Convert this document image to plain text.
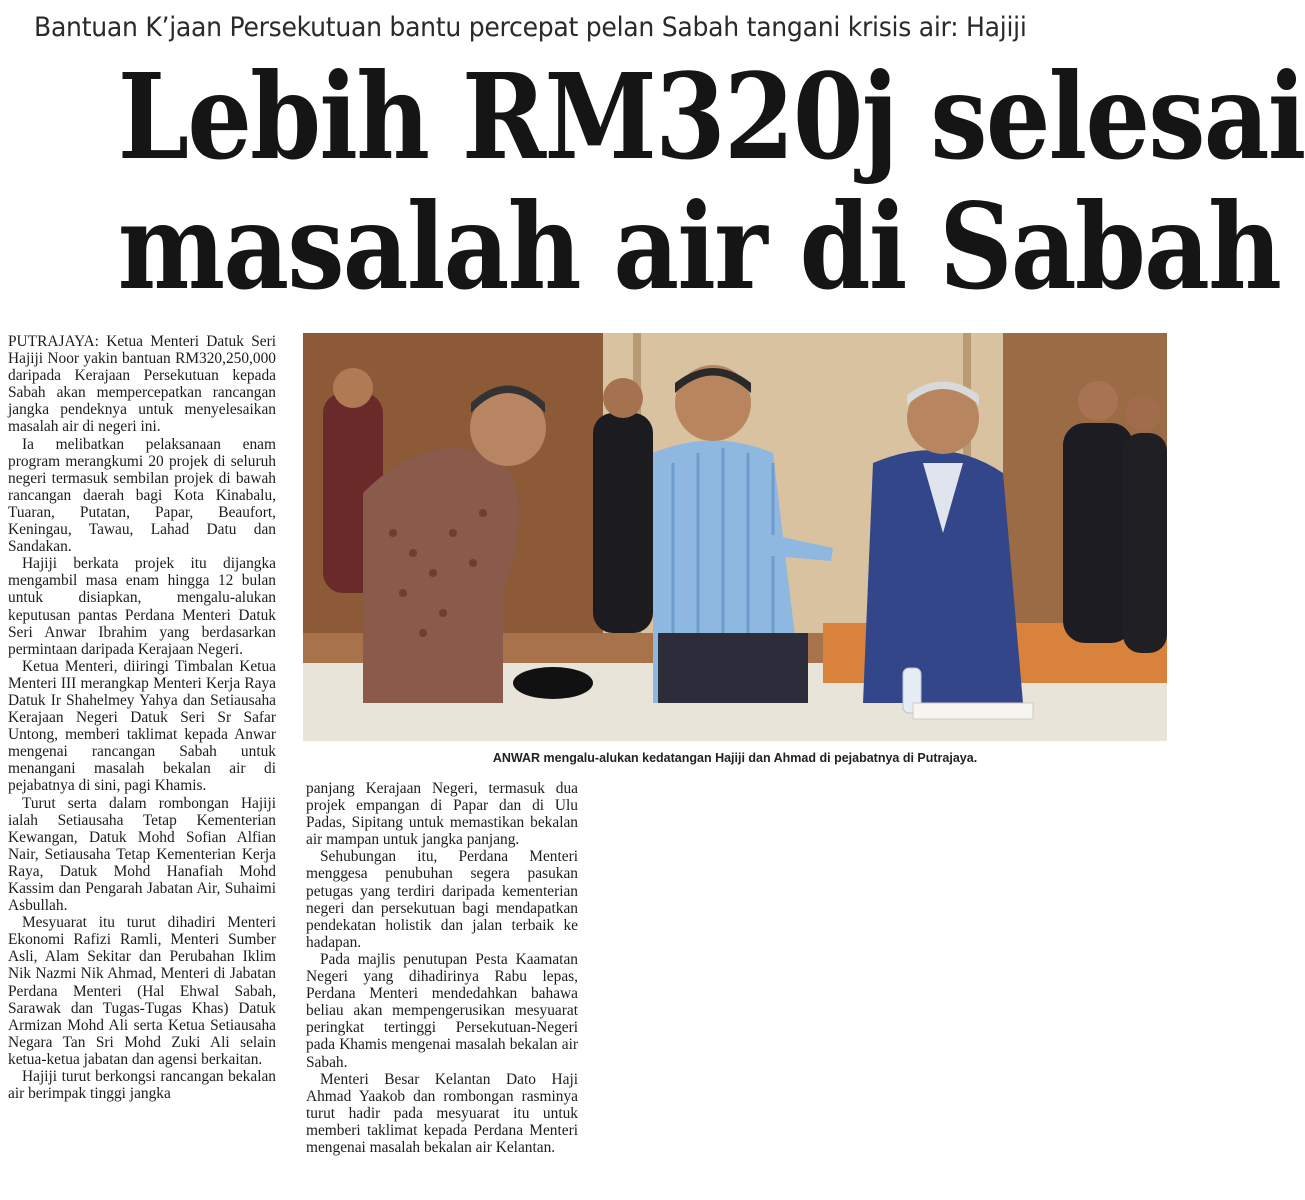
Bantuan K’jaan Persekutuan bantu percepat pelan Sabah tangani krisis air: Hajiji
Lebih RM320j selesai
masalah air di Sabah

PUTRAJAYA: Ketua Menteri Datuk Seri Hajiji Noor yakin bantuan RM320,250,000 daripada Kerajaan Persekutuan kepada Sabah akan mempercepatkan rancangan jangka pendeknya untuk menyelesaikan masalah air di negeri ini.

Ia melibatkan pelaksanaan enam program merangkumi 20 projek di seluruh negeri termasuk sembilan projek di bawah rancangan daerah bagi Kota Kinabalu, Tuaran, Putatan, Papar, Beaufort, Keningau, Tawau, Lahad Datu dan Sandakan.

Hajiji berkata projek itu dijangka mengambil masa enam hingga 12 bulan untuk disiapkan, mengalu-alukan keputusan pantas Perdana Menteri Datuk Seri Anwar Ibrahim yang berdasarkan permintaan daripada Kerajaan Negeri.

Ketua Menteri, diiringi Timbalan Ketua Menteri III merangkap Menteri Kerja Raya Datuk Ir Shahelmey Yahya dan Setiausaha Kerajaan Negeri Datuk Seri Sr Safar Untong, memberi taklimat kepada Anwar mengenai rancangan Sabah untuk menangani masalah bekalan air di pejabatnya di sini, pagi Khamis.

Turut serta dalam rombongan Hajiji ialah Setiausaha Tetap Kementerian Kewangan, Datuk Mohd Sofian Alfian Nair, Setiausaha Tetap Kementerian Kerja Raya, Datuk Mohd Hanafiah Mohd Kassim dan Pengarah Jabatan Air, Suhaimi Asbullah.

Mesyuarat itu turut dihadiri Menteri Ekonomi Rafizi Ramli, Menteri Sumber Asli, Alam Sekitar dan Perubahan Iklim Nik Nazmi Nik Ahmad, Menteri di Jabatan Perdana Menteri (Hal Ehwal Sabah, Sarawak dan Tugas-Tugas Khas) Datuk Armizan Mohd Ali serta Ketua Setiausaha Negara Tan Sri Mohd Zuki Ali selain ketua-ketua jabatan dan agensi berkaitan.

Hajiji turut berkongsi rancangan bekalan air berimpak tinggi jangka

ANWAR mengalu-alukan kedatangan Hajiji dan Ahmad di pejabatnya di Putrajaya.

panjang Kerajaan Negeri, termasuk dua projek empangan di Papar dan di Ulu Padas, Sipitang untuk memastikan bekalan air mampan untuk jangka panjang.

Sehubungan itu, Perdana Menteri menggesa penubuhan segera pasukan petugas yang terdiri daripada kementerian negeri dan persekutuan bagi mendapatkan pendekatan holistik dan jalan terbaik ke hadapan.

Pada majlis penutupan Pesta Kaamatan Negeri yang dihadirinya Rabu lepas, Perdana Menteri mendedahkan bahawa beliau akan mempengerusikan mesyuarat peringkat tertinggi Persekutuan-Negeri pada Khamis mengenai masalah bekalan air Sabah.

Menteri Besar Kelantan Dato Haji Ahmad Yaakob dan rombongan rasminya turut hadir pada mesyuarat itu untuk memberi taklimat kepada Perdana Menteri mengenai masalah bekalan air Kelantan.
